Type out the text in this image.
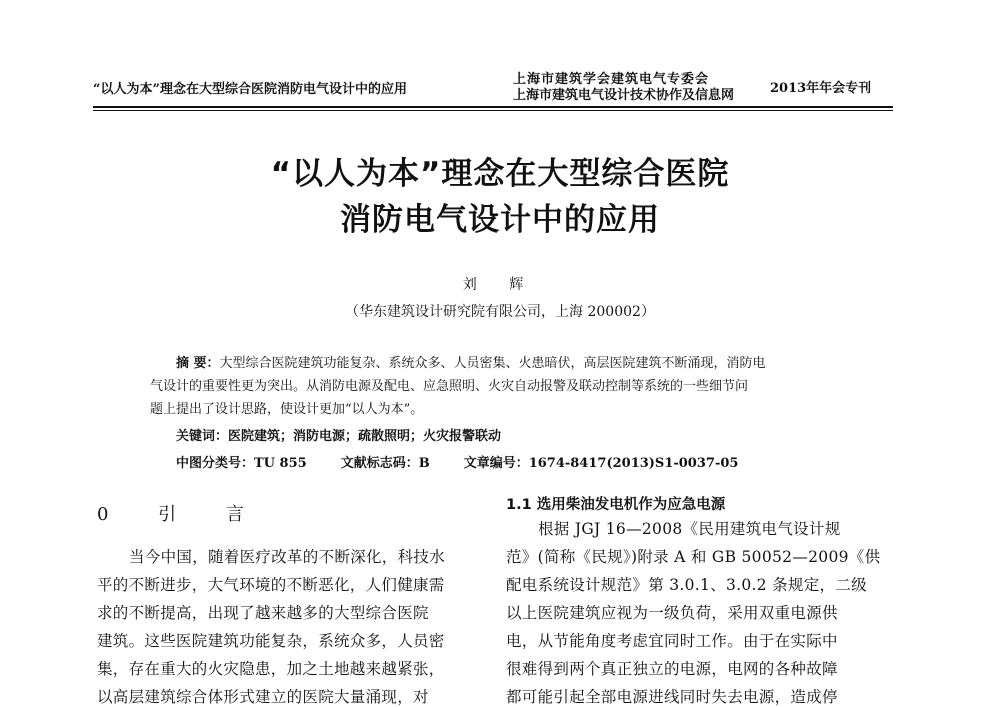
“以人为本”理念在大型综合医院消防电气设计中的应用
上海市建筑学会建筑电气专委会
上海市建筑电气设计技术协作及信息网	2013年年会专刊
“以人为本”理念在大型综合医院
消防电气设计中的应用
刘 辉
（华东建筑设计研究院有限公司，上海 200002）
摘 要：大型综合医院建筑功能复杂、系统众多、人员密集、火患暗伏，高层医院建筑不断涌现，消防电
气设计的重要性更为突出。从消防电源及配电、应急照明、火灾自动报警及联动控制等系统的一些细节问
题上提出了设计思路，使设计更加“以人为本”。
关键词：医院建筑；消防电源；疏散照明；火灾报警联动
中图分类号：TU 855	文献标志码：B	文章编号：1674-8417(2013)S1-0037-05
0 引 言
当今中国，随着医疗改革的不断深化，科技水
平的不断进步，大气环境的不断恶化，人们健康需
求的不断提高，出现了越来越多的大型综合医院
建筑。这些医院建筑功能复杂，系统众多，人员密
集，存在重大的火灾隐患，加之土地越来越紧张，
以高层建筑综合体形式建立的医院大量涌现，对
1.1 选用柴油发电机作为应急电源
根据 JGJ 16—2008《民用建筑电气设计规
范》(简称《民规》)附录 A 和 GB 50052—2009《供
配电系统设计规范》第 3.0.1、3.0.2 条规定，二级
以上医院建筑应视为一级负荷，采用双重电源供
电，从节能角度考虑宜同时工作。由于在实际中
很难得到两个真正独立的电源，电网的各种故障
都可能引起全部电源进线同时失去电源，造成停
